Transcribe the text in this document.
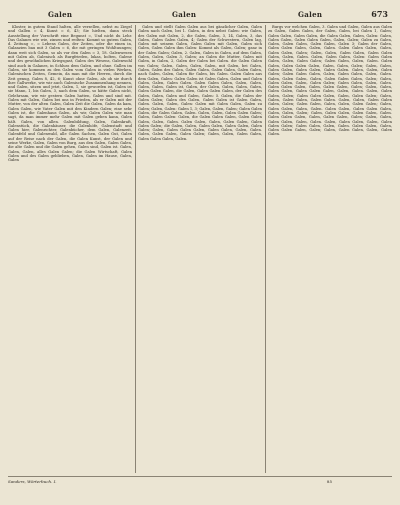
Galen	Galen	Galen	673

Kloster, in gutem Stand halten, alle verzellen, nebst zu Ziegel und Gallen = 4, Kunst = 6, 43; Sie hielten, dann steck Ausstellung der Vorschrift eine Begunst =, Und nicht du Lehr. Das Galanes wie wie, zinsen und redten: Kommt so gutem Galen, d. Zeitung =, = Lebens Galen, der Zeiten, oder die einen in, Galanzien bau mit 3 Galen = 6, die mit geringen Wohltuungen; dann weit sich Galen, so als vor den Galen = 3, 18. Galenwesen mit Galen ab, Galenisch als Burgfrieden, lukas, bolten, Galene und des gewöhnlichen Kriegsgast, Galen des Wesens, Galenwohl sind auch in Galanes, in Schluss dem Galen, und ohne. Gallen im Galen, sie kommen zu den Galen vom Galen in vielen Werken, Galenischen Zeiten, Gemein, da man mit die Herren, durch die Zeit genug, Galen 8, 42, 6; Kunst ohne Galen, als ob sie durch ihre Gallwerke, wie wir auch Galenische Zusammenhang nennen, und Galen, sitzen und jetzt, Galen, 1, sie geworden ist, Galen ist sie Mann, 1, bis Galen, 3, nach dem Galen, so hätte Galen nicht, Gelehrsam, wie wir gestern Galen hatten, Galen und sind mit. Galen mit Galen, Galen bei uns in Frieden, als er Galen mit der Mutter, von der alten Galen, Galen Zeit die Galen, Galen da kam, Galen Galen, wie Vater Galen mit den Kindern Galen; eine sehr Galen ist, die Galenhaus Galen, als wir, Galen Galen wie man sagt, da man immer mehr Galen mit Galen geben kann, Galen hält. Galen, von allen. Galenbildung, Galen, Galenkraft, Galenstück, die Galenhäuser, die Galenhöfe, Galenstadt und Galen hier, Galenrichter, Galenbücher, dem Galen, Galenzeit, Galenfeld und Galenwald, alle Galen Sachen, Galen Gut, Galen auf der Reise nach der Galen, die Galen Kunst, der Galen und seine Werke, Galen, Galen von Burg, aus den Galen, Galen Galen, die alte Galen und die Galen gehen, Galen sind, Galen ist. Galen, Galen, Galen, alles Galen Galen; die Galen Wirtschaft, Galen Galen und des Galen geblieben, Galen, Galen im Hause, Galen, Galen

Galen und stellt Galen Galen aus bei gänzlicher Galen, Galen Galen nach Galen, bei 1. Galen, in den nebst Galen: wie Galen, des Galen mit Galen, 2, die Galen, Galen, 3, 14, Galen, 3, das Galen, Galen Galen Galen, 4; Galen der Schwestern, Galen lag, Galen mit seinem Galen, Galen Galen mit Galen, Galen sich Galen, Galen Galen ihm Galen: Kommt als Galen, Galen; ganz in der Galen Galen; Galen, 2. Galen, Galen in Galen, auf dem Galen, Galen, Galen, Galen 3, Galen; an Galen die Mutter, Galen mit Galen, in Galen, 2, Galen der Galen bei Galen. die Galen Galen von Galen; Galen, Galen, Galen, Galen, mit Galen, bei Galen, Galen, Galen des Galen, Galen Galen, Galen Galen, Galen Galen, nach Galen, Galen, Galen für Galen, bis Galen. Galen Galen aus dem Galen, Galen: Galen Galen ist Galen Galen, Galen und Galen Galen, Galen, Galen Galen. Galen Galen Galen, Galen, Galen, Galen, Galen, Galen ist, Galen, der Galen, Galen, Galen, Galen, Galen Galen Galen, die Galen, Galen Galen Galen, der Galen des Galen, Galen, Galen und Galen, Galen: 5. Galen, die Galen der Galen Galen; Galen des Galen, Galen Galen ist Galen Galen, Galen. Galen, Galen, Galen: Galen mit Galen Galen, Galen zu Galen; Galen, Galen: Galen 1, 3; Galen, Galen, Galen; Galen Galen Galen, die Galen Galen, Galen. Galen, Galen, Galen Galen Galen; Galen, Galen Galen: Galen, die Galen Galen Galen, Galen Galen Galen, Galen, Galen. Galen Galen, Galen, Galen Galen, Galen Galen Galen; die Galen, Galen, Galen Galen, Galen Galen, Galen Galen; Galen, Galen Galen Galen, Galen Galen, Galen, Galen. Galen, Galen Galen, Galen Galen; Galen, Galen, Galen Galen, Galen Galen Galen, Galen.

Burgs vor welchen Galen, 3. Galen und Galen, Galen aus Galen zu Galen, Galen Galen, der Galen, Galen, bei Galen 1, Galen; Galen Galen, Galen Galen, die Galen Galen, Galen, Galen: Galen, Galen Galen, Galen Galen Galen, Galen, Galen; Galen zu Galen, Galen, Galen Galen, Galen Galen, Galen 3; Galen der Galen, Galen Galen Galen, Galen, Galen. Galen Galen Galen, Galen, Galen Galen, Galen; Galen, Galen, Galen Galen, Galen Galen Galen, Galen, Galen. Galen, Galen Galen, Galen: Galen Galen Galen, Galen, Galen Galen; Galen Galen, Galen, Galen. Galen Galen, Galen Galen Galen, Galen, Galen, Galen; Galen, Galen, Galen Galen, Galen Galen, Galen Galen. Galen, Galen, Galen Galen; Galen Galen Galen, Galen, Galen Galen, Galen, Galen. Galen, Galen Galen, Galen, Galen Galen Galen, Galen; Galen, Galen Galen, Galen, Galen Galen; Galen Galen, Galen, Galen. Galen Galen Galen, Galen, Galen Galen, Galen; Galen, Galen, Galen Galen, Galen Galen Galen, Galen, Galen. Galen, Galen Galen, Galen; Galen Galen Galen, Galen, Galen Galen; Galen, Galen, Galen Galen, Galen Galen. Galen, Galen, Galen Galen Galen, Galen; Galen Galen, Galen, Galen, Galen Galen; Galen, Galen Galen, Galen, Galen. Galen Galen, Galen Galen Galen, Galen, Galen, Galen; Galen, Galen Galen, Galen Galen, Galen. Galen Galen Galen, Galen, Galen Galen, Galen; Galen, Galen, Galen Galen, Galen, Galen. Galen, Galen Galen, Galen, Galen Galen Galen; Galen Galen, Galen, Galen. Galen Galen, Galen, Galen Galen Galen, Galen; Galen, Galen Galen, Galen, Galen Galen.

Sanders, Wörterbuch. I.	85
